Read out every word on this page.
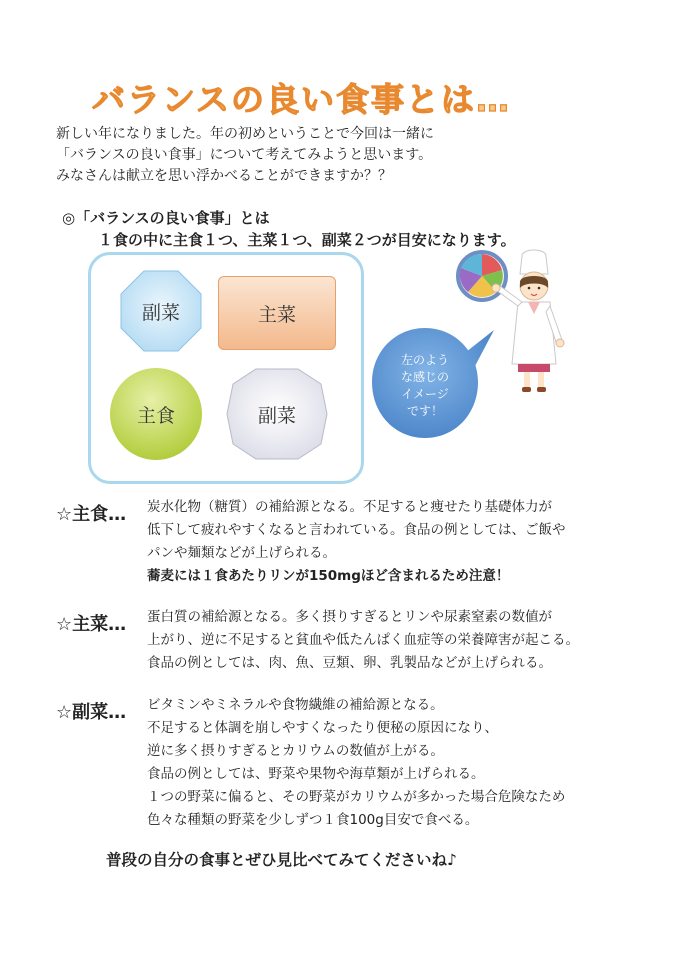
バランスの良い食事とは…
新しい年になりました。年の初めということで今回は一緒に
「バランスの良い食事」について考えてみようと思います。
みなさんは献立を思い浮かべることができますか？？
◎「バランスの良い食事」とは
１食の中に主食１つ、主菜１つ、副菜２つが目安になります。
副菜	主菜
主食	副菜
左のよう
な感じの
イメージ
です！
☆主食… 炭水化物（糖質）の補給源となる。不足すると痩せたり基礎体力が
低下して疲れやすくなると言われている。食品の例としては、ご飯や
パンや麺類などが上げられる。
蕎麦には１食あたりリンが150mgほど含まれるため注意！
☆主菜… 蛋白質の補給源となる。多く摂りすぎるとリンや尿素窒素の数値が
上がり、逆に不足すると貧血や低たんぱく血症等の栄養障害が起こる。
食品の例としては、肉、魚、豆類、卵、乳製品などが上げられる。
☆副菜… ビタミンやミネラルや食物繊維の補給源となる。
不足すると体調を崩しやすくなったり便秘の原因になり、
逆に多く摂りすぎるとカリウムの数値が上がる。
食品の例としては、野菜や果物や海草類が上げられる。
１つの野菜に偏ると、その野菜がカリウムが多かった場合危険なため
色々な種類の野菜を少しずつ１食100g目安で食べる。
普段の自分の食事とぜひ見比べてみてくださいね♪
